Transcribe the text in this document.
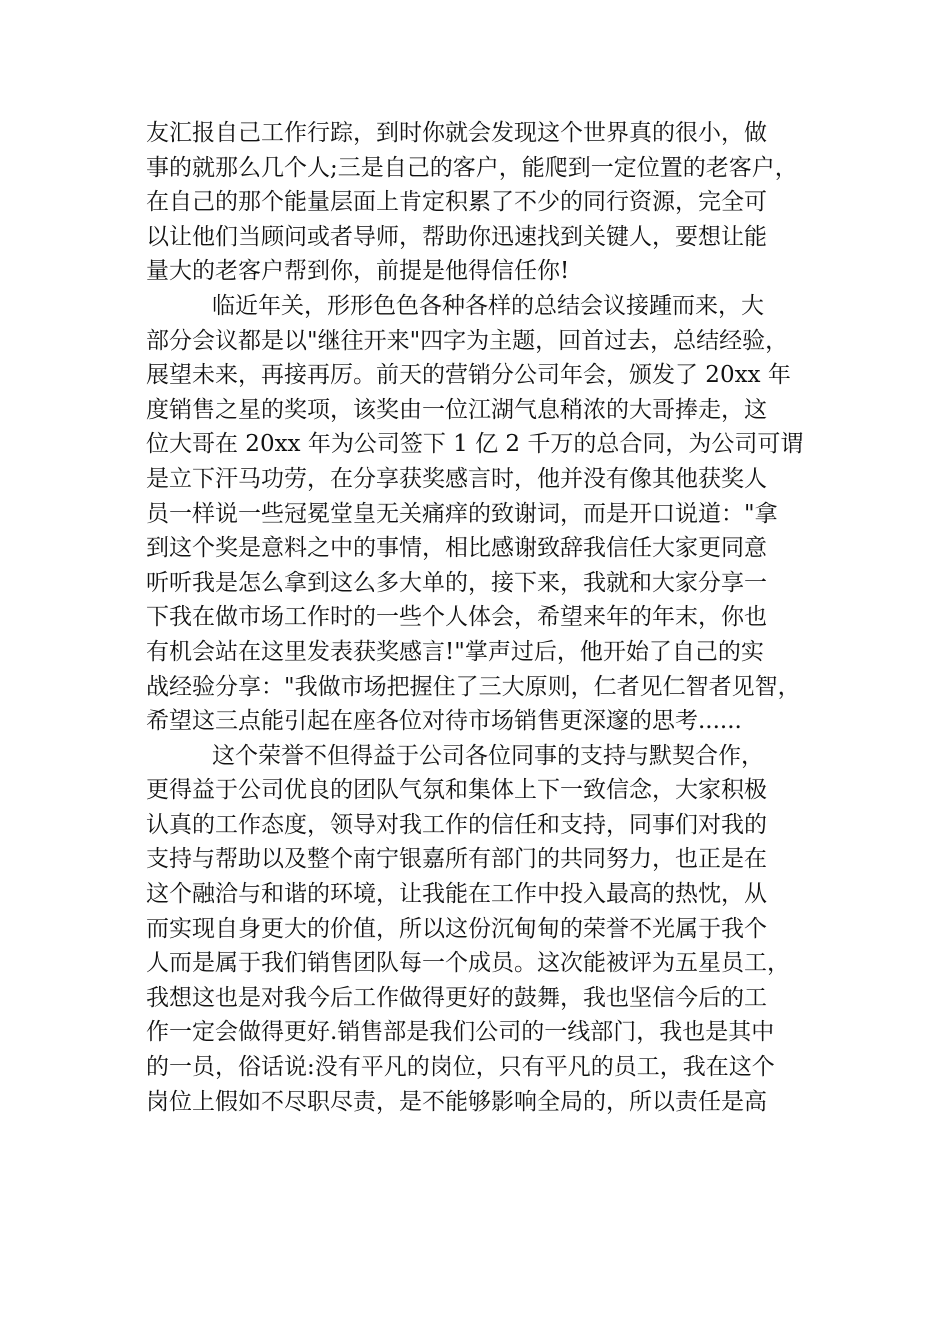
友汇报自己工作行踪，到时你就会发现这个世界真的很小，做
事的就那么几个人;三是自己的客户，能爬到一定位置的老客户，
在自己的那个能量层面上肯定积累了不少的同行资源，完全可
以让他们当顾问或者导师，帮助你迅速找到关键人，要想让能
量大的老客户帮到你，前提是他得信任你!
临近年关，形形色色各种各样的总结会议接踵而来，大
部分会议都是以"继往开来"四字为主题，回首过去，总结经验，
展望未来，再接再厉。前天的营销分公司年会，颁发了 20xx 年
度销售之星的奖项，该奖由一位江湖气息稍浓的大哥捧走，这
位大哥在 20xx 年为公司签下 1 亿 2 千万的总合同，为公司可谓
是立下汗马功劳，在分享获奖感言时，他并没有像其他获奖人
员一样说一些冠冕堂皇无关痛痒的致谢词，而是开口说道："拿
到这个奖是意料之中的事情，相比感谢致辞我信任大家更同意
听听我是怎么拿到这么多大单的，接下来，我就和大家分享一
下我在做市场工作时的一些个人体会，希望来年的年末，你也
有机会站在这里发表获奖感言!"掌声过后，他开始了自己的实
战经验分享："我做市场把握住了三大原则，仁者见仁智者见智，
希望这三点能引起在座各位对待市场销售更深邃的思考......
这个荣誉不但得益于公司各位同事的支持与默契合作，
更得益于公司优良的团队气氛和集体上下一致信念，大家积极
认真的工作态度，领导对我工作的信任和支持，同事们对我的
支持与帮助以及整个南宁银嘉所有部门的共同努力，也正是在
这个融洽与和谐的环境，让我能在工作中投入最高的热忱，从
而实现自身更大的价值，所以这份沉甸甸的荣誉不光属于我个
人而是属于我们销售团队每一个成员。这次能被评为五星员工，
我想这也是对我今后工作做得更好的鼓舞，我也坚信今后的工
作一定会做得更好.销售部是我们公司的一线部门，我也是其中
的一员，俗话说:没有平凡的岗位，只有平凡的员工，我在这个
岗位上假如不尽职尽责，是不能够影响全局的，所以责任是高
